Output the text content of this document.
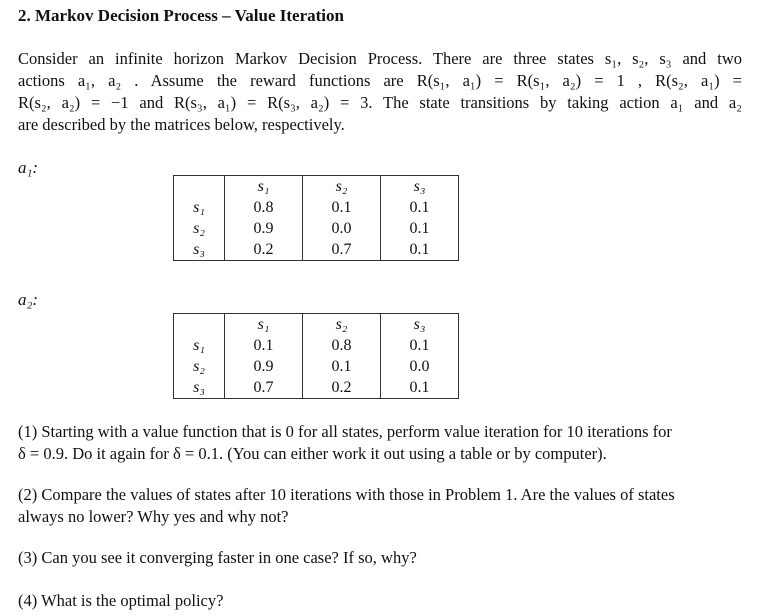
2. Markov Decision Process – Value Iteration

Consider an infinite horizon Markov Decision Process. There are three states s₁, s₂, s₃ and two
actions a₁, a₂ . Assume the reward functions are R(s₁, a₁) = R(s₁, a₂) = 1 , R(s₂, a₁) =
R(s₂, a₂) = −1 and R(s₃, a₁) = R(s₃, a₂) = 3. The state transitions by taking action a₁ and a₂
are described by the matrices below, respectively.

a₁:
	s₁	s₂	s₃
s₁	0.8	0.1	0.1
s₂	0.9	0.0	0.1
s₃	0.2	0.7	0.1
a₂:
	s₁	s₂	s₃
s₁	0.1	0.8	0.1
s₂	0.9	0.1	0.0
s₃	0.7	0.2	0.1

(1) Starting with a value function that is 0 for all states, perform value iteration for 10 iterations for
δ = 0.9. Do it again for δ = 0.1. (You can either work it out using a table or by computer).

(2) Compare the values of states after 10 iterations with those in Problem 1. Are the values of states
always no lower? Why yes and why not?

(3) Can you see it converging faster in one case? If so, why?

(4) What is the optimal policy?
